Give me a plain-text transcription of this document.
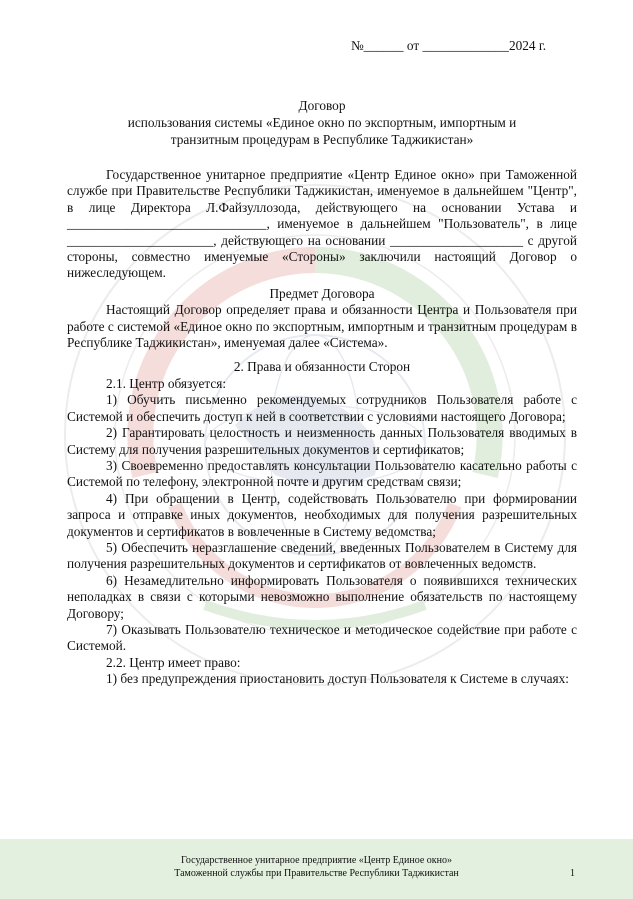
№______ от _____________2024 г.
Договор
использования системы «Единое окно по экспортным, импортным и
транзитным процедурам в Республике Таджикистан»

Государственное унитарное предприятие «Центр Единое окно» при Таможенной службе при Правительстве Республики Таджикистан, именуемое в дальнейшем "Центр", в лице Директора Л.Файзуллозода, действующего на основании Устава и ______________________________, именуемое в дальнейшем "Пользователь", в лице ______________________, действующего на основании ____________________ с другой стороны, совместно именуемые «Стороны» заключили настоящий Договор о нижеследующем.

Предмет Договора

Настоящий Договор определяет права и обязанности Центра и Пользователя при работе с системой «Единое окно по экспортным, импортным и транзитным процедурам в Республике Таджикистан», именуемая далее «Система».

2. Права и обязанности Сторон

2.1. Центр обязуется:

1) Обучить письменно рекомендуемых сотрудников Пользователя работе с Системой и обеспечить доступ к ней в соответствии с условиями настоящего Договора;

2) Гарантировать целостность и неизменность данных Пользователя вводимых в Систему для получения разрешительных документов и сертификатов;

3) Своевременно предоставлять консультации Пользователю касательно работы с Системой по телефону, электронной почте и другим средствам связи;

4) При обращении в Центр, содействовать Пользователю при формировании запроса и отправке иных документов, необходимых для получения разрешительных документов и сертификатов в вовлеченные в Систему ведомства;

5) Обеспечить неразглашение сведений, введенных Пользователем в Систему для получения разрешительных документов и сертификатов от вовлеченных ведомств.

6) Незамедлительно информировать Пользователя о появившихся технических неполадках в связи с которыми невозможно выполнение обязательств по настоящему Договору;

7) Оказывать Пользователю техническое и методическое содействие при работе с Системой.

2.2. Центр имеет право:

1) без предупреждения приостановить доступ Пользователя к Системе в случаях:

Государственное унитарное предприятие «Центр Единое окно»
Таможенной службы при Правительстве Республики Таджикистан	1
